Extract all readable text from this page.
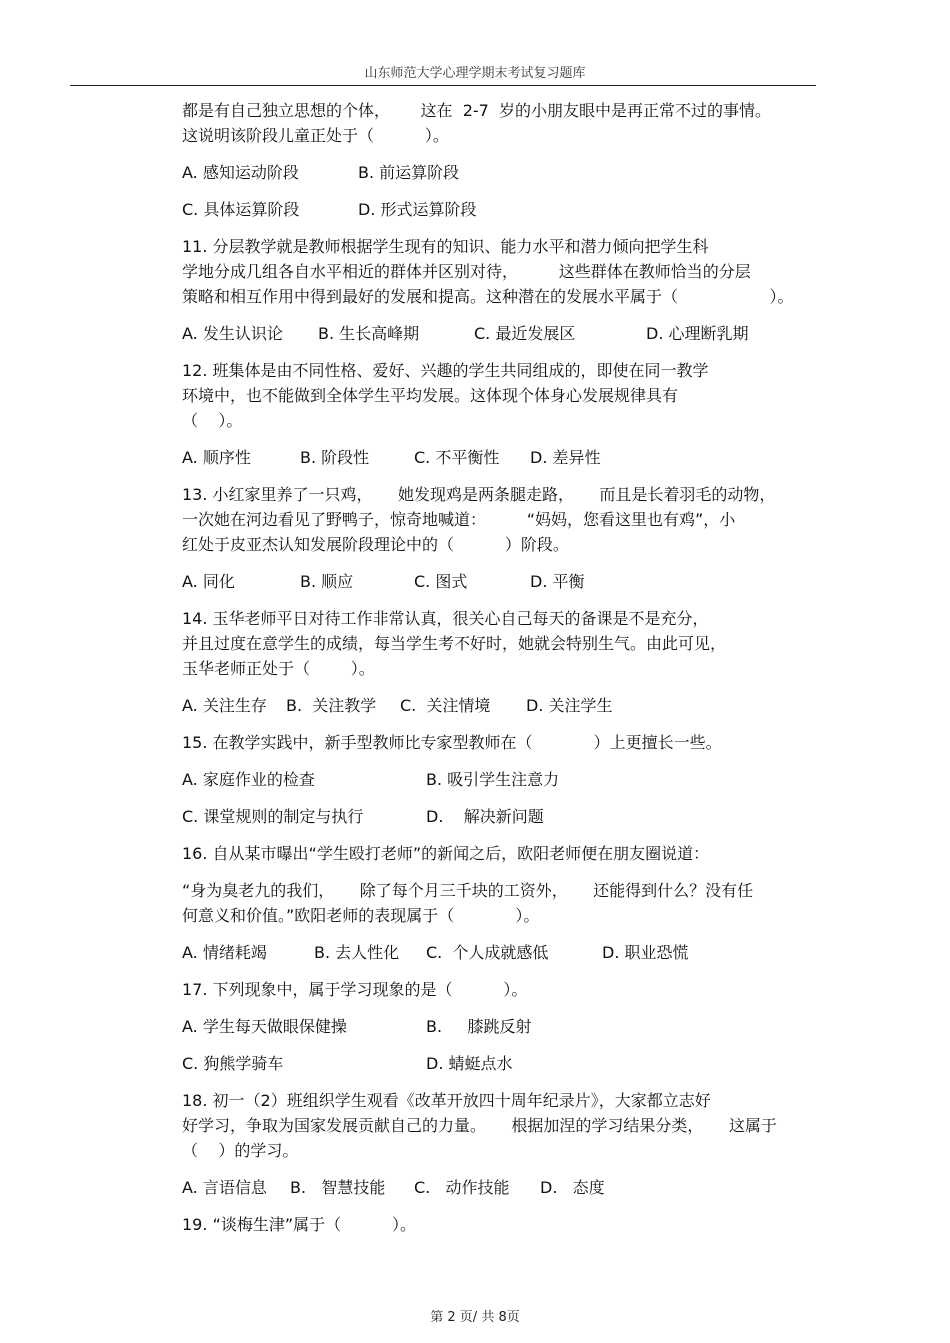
山东师范大学心理学期末考试复习题库
都是有自己独立思想的个体，      这在  2-7  岁的小朋友眼中是再正常不过的事情。
这说明该阶段儿童正处于（          ）。

A. 感知运动阶段

	B. 前运算阶段

C. 具体运算阶段

	D. 形式运算阶段

11. 分层教学就是教师根据学生现有的知识、能力水平和潜力倾向把学生科
学地分成几组各自水平相近的群体并区别对待，        这些群体在教师恰当的分层
策略和相互作用中得到最好的发展和提高。这种潜在的发展水平属于（                  ）。
A. 发生认识论 B. 生长高峰期	C. 最近发展区	D. 心理断乳期
12. 班集体是由不同性格、爱好、兴趣的学生共同组成的，即使在同一教学
环境中，也不能做到全体学生平均发展。这体现个体身心发展规律具有
（    ）。
A. 顺序性	B. 阶段性	C. 不平衡性 D. 差异性
13. 小红家里养了一只鸡，     她发现鸡是两条腿走路，     而且是长着羽毛的动物，
一次她在河边看见了野鸭子，惊奇地喊道：        “妈妈，您看这里也有鸡”，小
红处于皮亚杰认知发展阶段理论中的（          ）阶段。
A. 同化	B. 顺应	C. 图式	D. 平衡
14. 玉华老师平日对待工作非常认真，很关心自己每天的备课是不是充分，
并且过度在意学生的成绩，每当学生考不好时，她就会特别生气。由此可见，
玉华老师正处于（        ）。
A. 关注生存 B.  关注教学 C.  关注情境 D. 关注学生
15. 在教学实践中，新手型教师比专家型教师在（            ）上更擅长一些。
A. 家庭作业的检查	B. 吸引学生注意力
C. 课堂规则的制定与执行	D.    解决新问题
16. 自从某市曝出“学生殴打老师”的新闻之后，欧阳老师便在朋友圈说道：
“身为臭老九的我们，     除了每个月三千块的工资外，     还能得到什么？没有任
何意义和价值。”欧阳老师的表现属于（            ）。
A. 情绪耗竭	B. 去人性化 C.  个人成就感低	D. 职业恐慌
17. 下列现象中，属于学习现象的是（          ）。
A. 学生每天做眼保健操	B.     膝跳反射
C. 狗熊学骑车	D. 蜻蜓点水
18. 初一（2）班组织学生观看《改革开放四十周年纪录片》，大家都立志好
好学习，争取为国家发展贡献自己的力量。     根据加涅的学习结果分类，     这属于
（    ）的学习。
A. 言语信息 B.   智慧技能 C.   动作技能 D.   态度
19. “谈梅生津”属于（          ）。
第 2 页/ 共 8页
